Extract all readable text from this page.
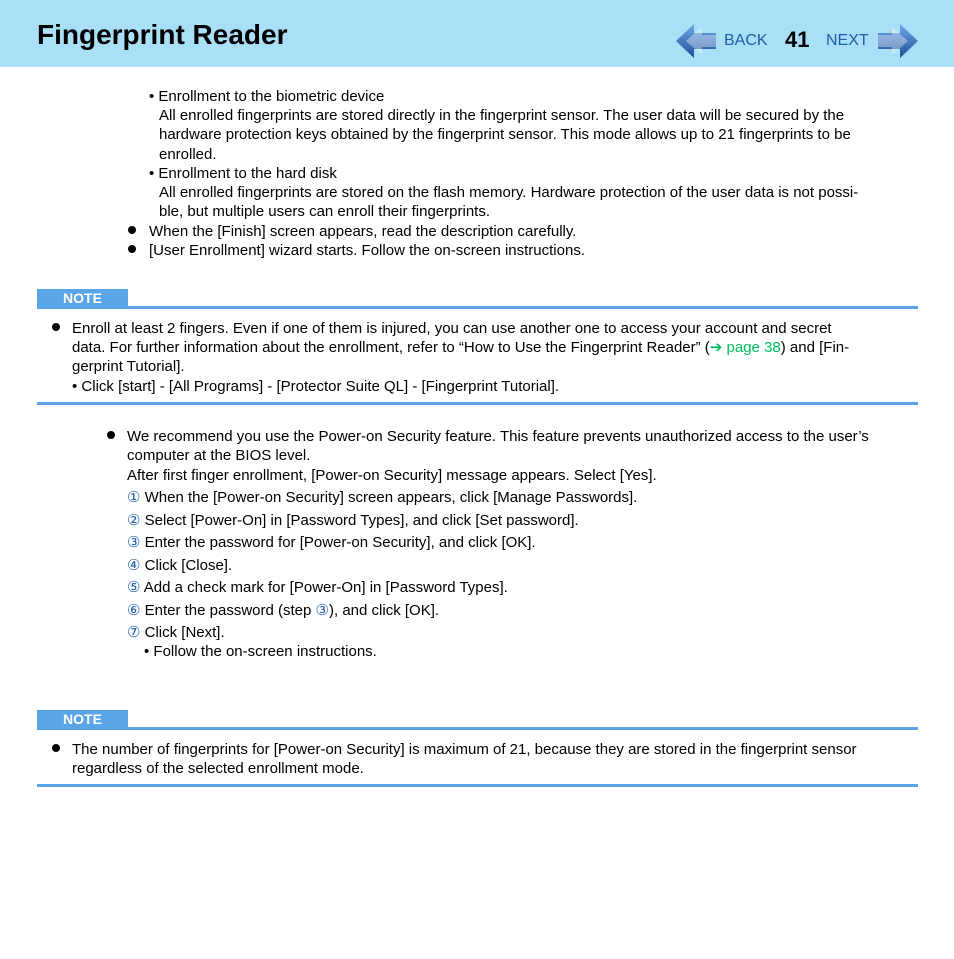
Fingerprint Reader	BACK 41 NEXT
• Enrollment to the biometric device
All enrolled fingerprints are stored directly in the fingerprint sensor. The user data will be secured by the
hardware protection keys obtained by the fingerprint sensor. This mode allows up to 21 fingerprints to be
enrolled.
• Enrollment to the hard disk
All enrolled fingerprints are stored on the flash memory. Hardware protection of the user data is not possi-
ble, but multiple users can enroll their fingerprints.
When the [Finish] screen appears, read the description carefully.
[User Enrollment] wizard starts. Follow the on-screen instructions.
NOTE
Enroll at least 2 fingers. Even if one of them is injured, you can use another one to access your account and secret
data. For further information about the enrollment, refer to “How to Use the Fingerprint Reader” (➔ page 38) and [Fin-
gerprint Tutorial].
• Click [start] - [All Programs] - [Protector Suite QL] - [Fingerprint Tutorial].
We recommend you use the Power-on Security feature. This feature prevents unauthorized access to the user’s
computer at the BIOS level.
After first finger enrollment, [Power-on Security] message appears. Select [Yes].
① When the [Power-on Security] screen appears, click [Manage Passwords].
② Select [Power-On] in [Password Types], and click [Set password].
③ Enter the password for [Power-on Security], and click [OK].
④ Click [Close].
⑤ Add a check mark for [Power-On] in [Password Types].
⑥ Enter the password (step ③), and click [OK].
⑦ Click [Next].
• Follow the on-screen instructions.
NOTE
The number of fingerprints for [Power-on Security] is maximum of 21, because they are stored in the fingerprint sensor
regardless of the selected enrollment mode.
